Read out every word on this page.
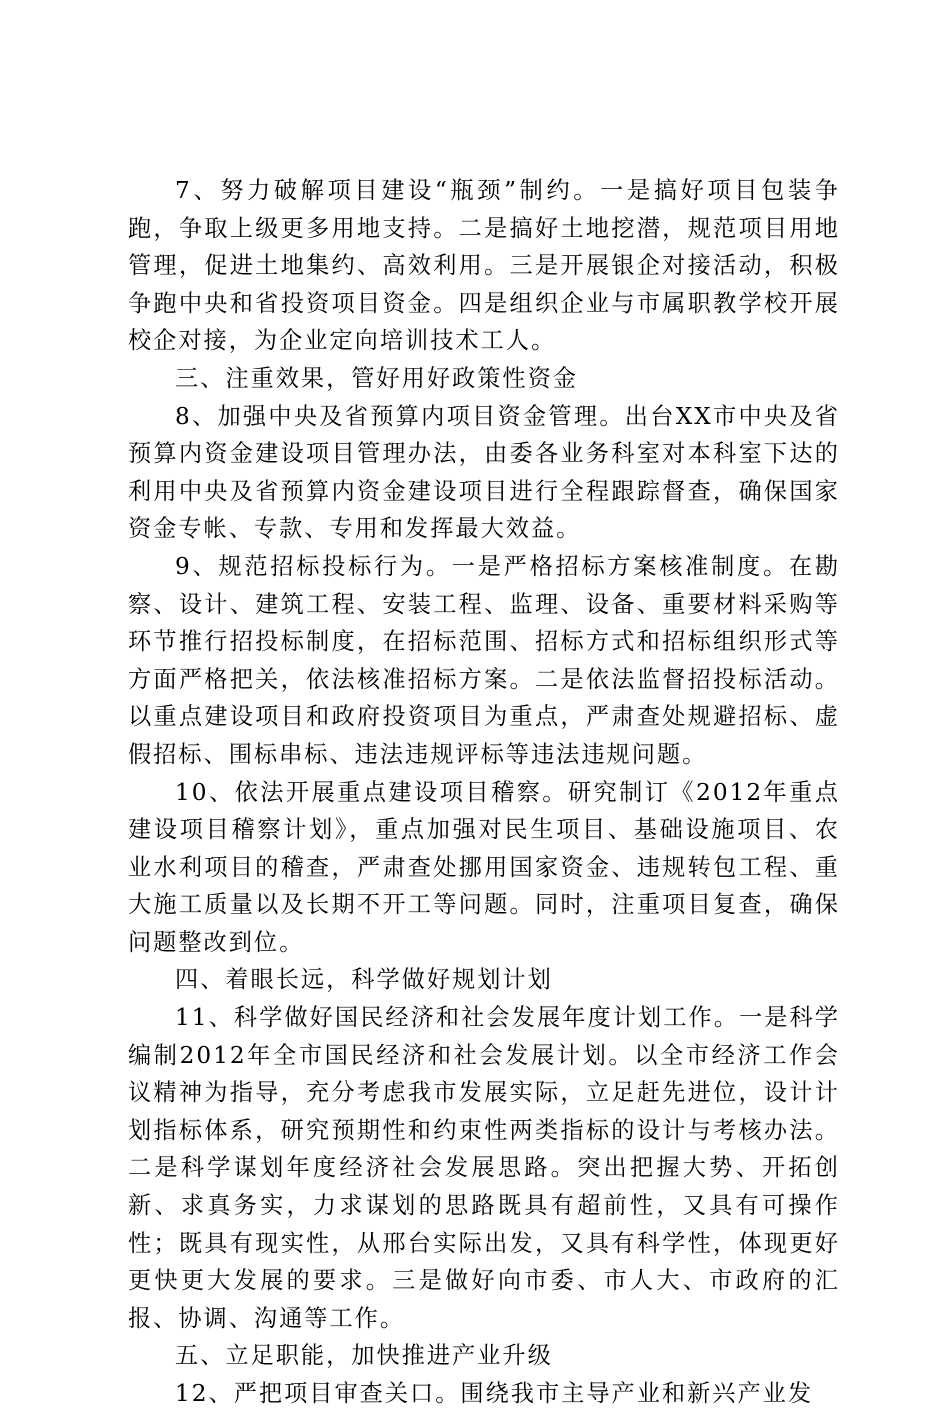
7、努力破解项目建设“瓶颈”制约。一是搞好项目包装争跑，争取上级更多用地支持。二是搞好土地挖潜，规范项目用地管理，促进土地集约、高效利用。三是开展银企对接活动，积极争跑中央和省投资项目资金。四是组织企业与市属职教学校开展校企对接，为企业定向培训技术工人。

三、注重效果，管好用好政策性资金

8、加强中央及省预算内项目资金管理。出台XX市中央及省预算内资金建设项目管理办法，由委各业务科室对本科室下达的利用中央及省预算内资金建设项目进行全程跟踪督查，确保国家资金专帐、专款、专用和发挥最大效益。

9、规范招标投标行为。一是严格招标方案核准制度。在勘察、设计、建筑工程、安装工程、监理、设备、重要材料采购等环节推行招投标制度，在招标范围、招标方式和招标组织形式等方面严格把关，依法核准招标方案。二是依法监督招投标活动。以重点建设项目和政府投资项目为重点，严肃查处规避招标、虚假招标、围标串标、违法违规评标等违法违规问题。

10、依法开展重点建设项目稽察。研究制订《2012年重点建设项目稽察计划》，重点加强对民生项目、基础设施项目、农业水利项目的稽查，严肃查处挪用国家资金、违规转包工程、重大施工质量以及长期不开工等问题。同时，注重项目复查，确保问题整改到位。

四、着眼长远，科学做好规划计划

11、科学做好国民经济和社会发展年度计划工作。一是科学编制2012年全市国民经济和社会发展计划。以全市经济工作会议精神为指导，充分考虑我市发展实际，立足赶先进位，设计计划指标体系，研究预期性和约束性两类指标的设计与考核办法。二是科学谋划年度经济社会发展思路。突出把握大势、开拓创新、求真务实，力求谋划的思路既具有超前性，又具有可操作性；既具有现实性，从邢台实际出发，又具有科学性，体现更好更快更大发展的要求。三是做好向市委、市人大、市政府的汇报、协调、沟通等工作。

五、立足职能，加快推进产业升级

12、严把项目审查关口。围绕我市主导产业和新兴产业发
